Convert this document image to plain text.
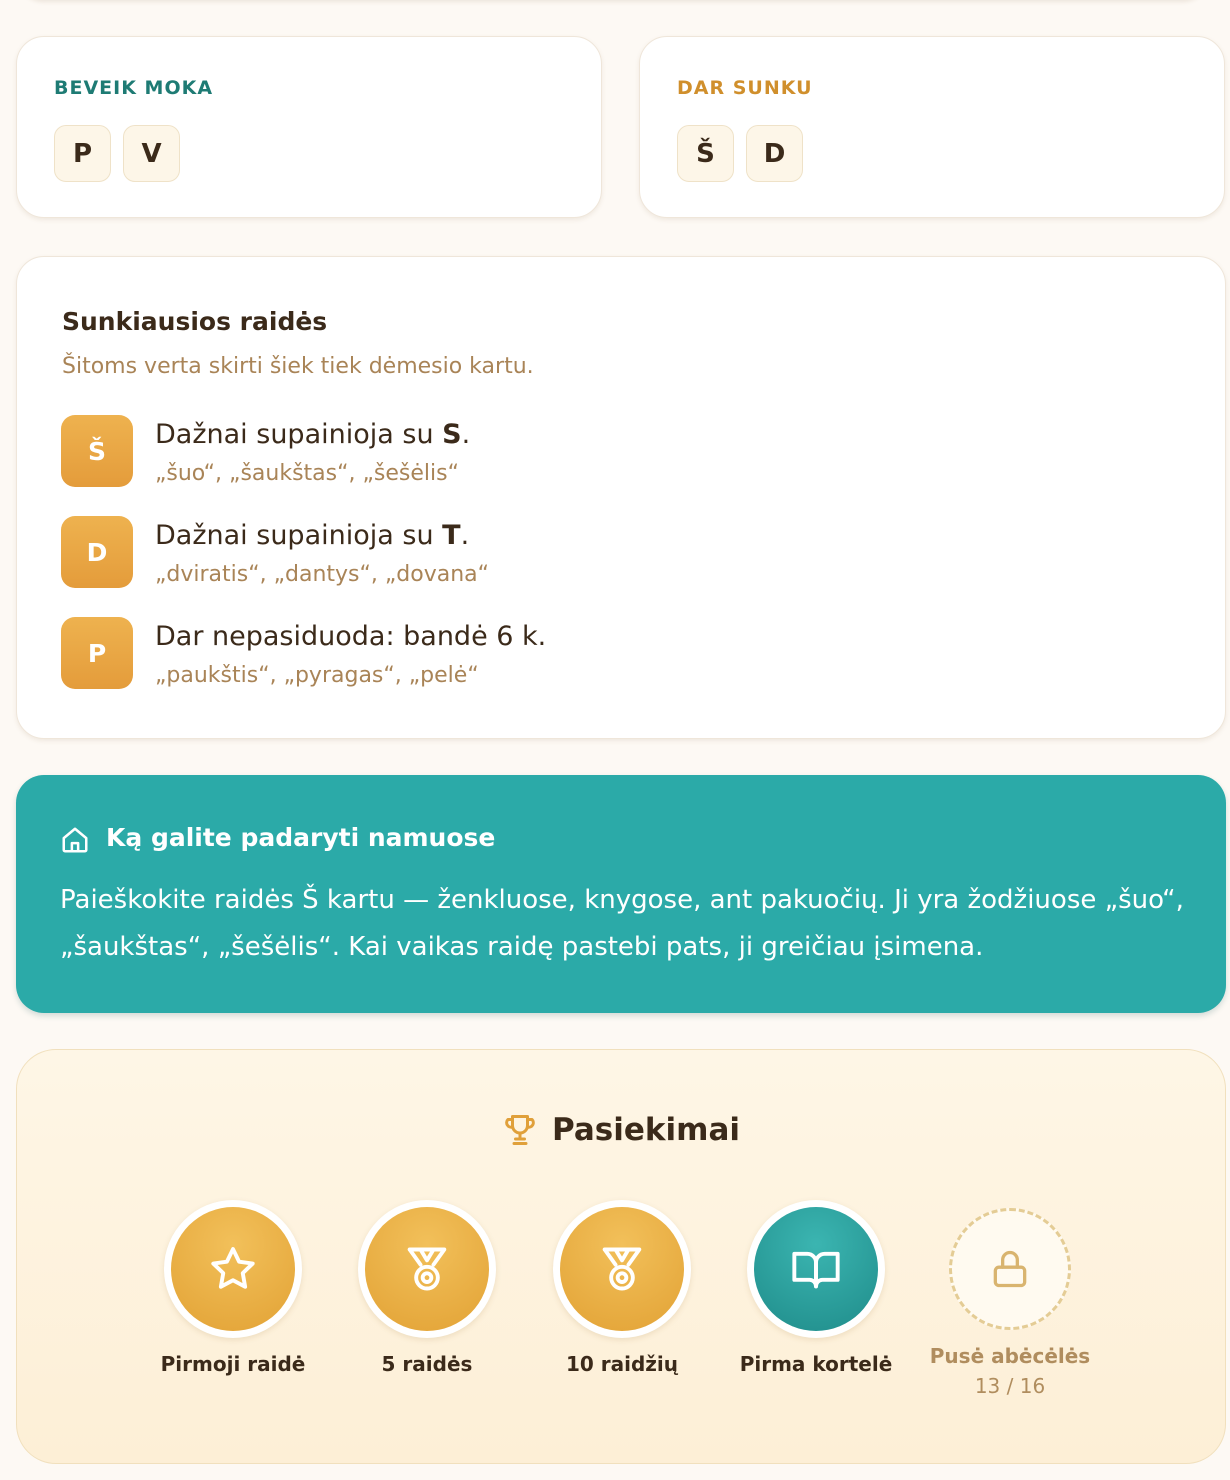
BEVEIK MOKA
P	V
DAR SUNKU
Š	D
Sunkiausios raidės
Šitoms verta skirti šiek tiek dėmesio kartu.
Š
Dažnai supainioja su S.
„šuo“, „šaukštas“, „šešėlis“
D
Dažnai supainioja su T.
„dviratis“, „dantys“, „dovana“
P
Dar nepasiduoda: bandė 6 k.
„paukštis“, „pyragas“, „pelė“
Ką galite padaryti namuose
Paieškokite raidės Š kartu — ženkluose, knygose, ant pakuočių. Ji yra žodžiuose „šuo“, „šaukštas“, „šešėlis“. Kai vaikas raidę pastebi pats, ji greičiau įsimena.
Pasiekimai
Pirmoji raidė	5 raidės	10 raidžių	Pirma kortelė	Pusė abėcėlės
13 / 16
